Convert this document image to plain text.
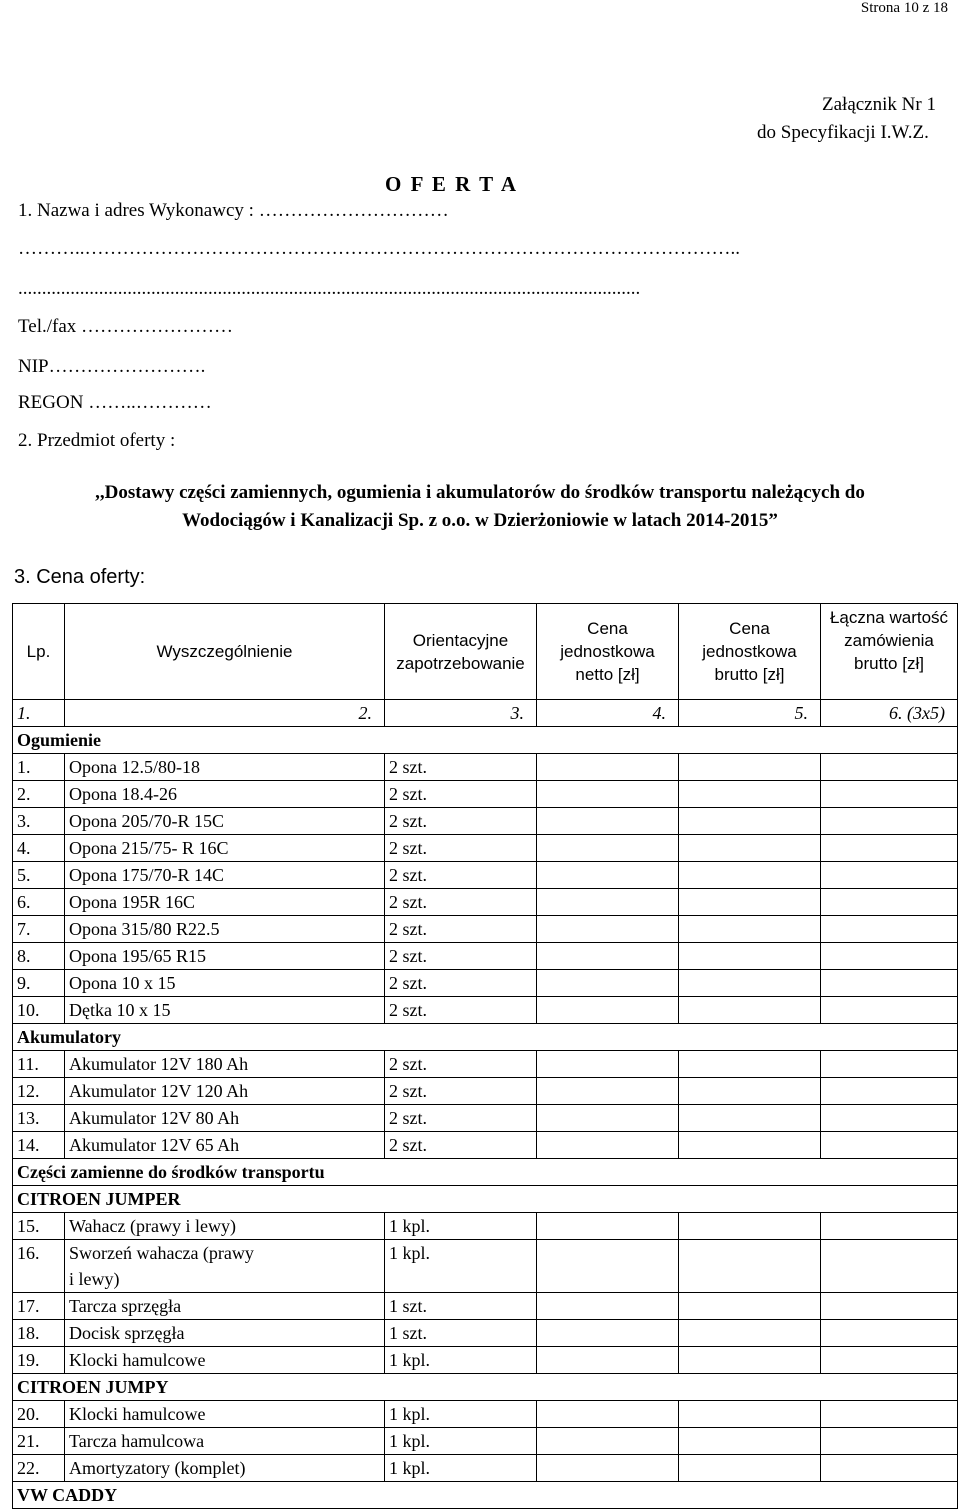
Strona 10 z 18
Załącznik Nr 1
do Specyfikacji I.W.Z.
O F E R T A
1. Nazwa i adres Wykonawcy : …………………………
………..…………………………………………………………………………………………..
...................................................................................................................................
Tel./fax ……………………
NIP…………………….
REGON ……..…………
2. Przedmiot oferty :
,,Dostawy części zamiennych, ogumienia i akumulatorów do środków transportu należących do
Wodociągów i Kanalizacji Sp. z o.o. w Dzierżoniowie w latach 2014-2015”
3. Cena oferty:
Lp.	Wyszczególnienie	Orientacyjne zapotrzebowanie	Cena jednostkowa netto [zł]	Cena jednostkowa brutto [zł]	Łączna wartość zamówienia brutto [zł]
1.	2.	3.	4.	5.	6. (3x5)
Ogumienie					
1.	Opona 12.5/80-18	2 szt.			
2.	Opona 18.4-26	2 szt.			
3.	Opona 205/70-R 15C	2 szt.			
4.	Opona 215/75- R 16C	2 szt.			
5.	Opona 175/70-R 14C	2 szt.			
6.	Opona 195R 16C	2 szt.			
7.	Opona 315/80 R22.5	2 szt.			
8.	Opona 195/65 R15	2 szt.			
9.	Opona 10 x 15	2 szt.			
10.	Dętka 10 x 15	2 szt.			
Akumulatory					
11.	Akumulator 12V 180 Ah	2 szt.			
12.	Akumulator 12V 120 Ah	2 szt.			
13.	Akumulator 12V 80 Ah	2 szt.			
14.	Akumulator 12V 65 Ah	2 szt.			
Części zamienne do środków transportu					
CITROEN JUMPER					
15.	Wahacz (prawy i lewy)	1 kpl.			
16.	Sworzeń wahacza (prawy
i lewy)	1 kpl.			
17.	Tarcza sprzęgła	1 szt.			
18.	Docisk sprzęgła	1 szt.			
19.	Klocki hamulcowe	1 kpl.			
CITROEN JUMPY					
20.	Klocki hamulcowe	1 kpl.			
21.	Tarcza hamulcowa	1 kpl.			
22.	Amortyzatory (komplet)	1 kpl.			
VW CADDY					
